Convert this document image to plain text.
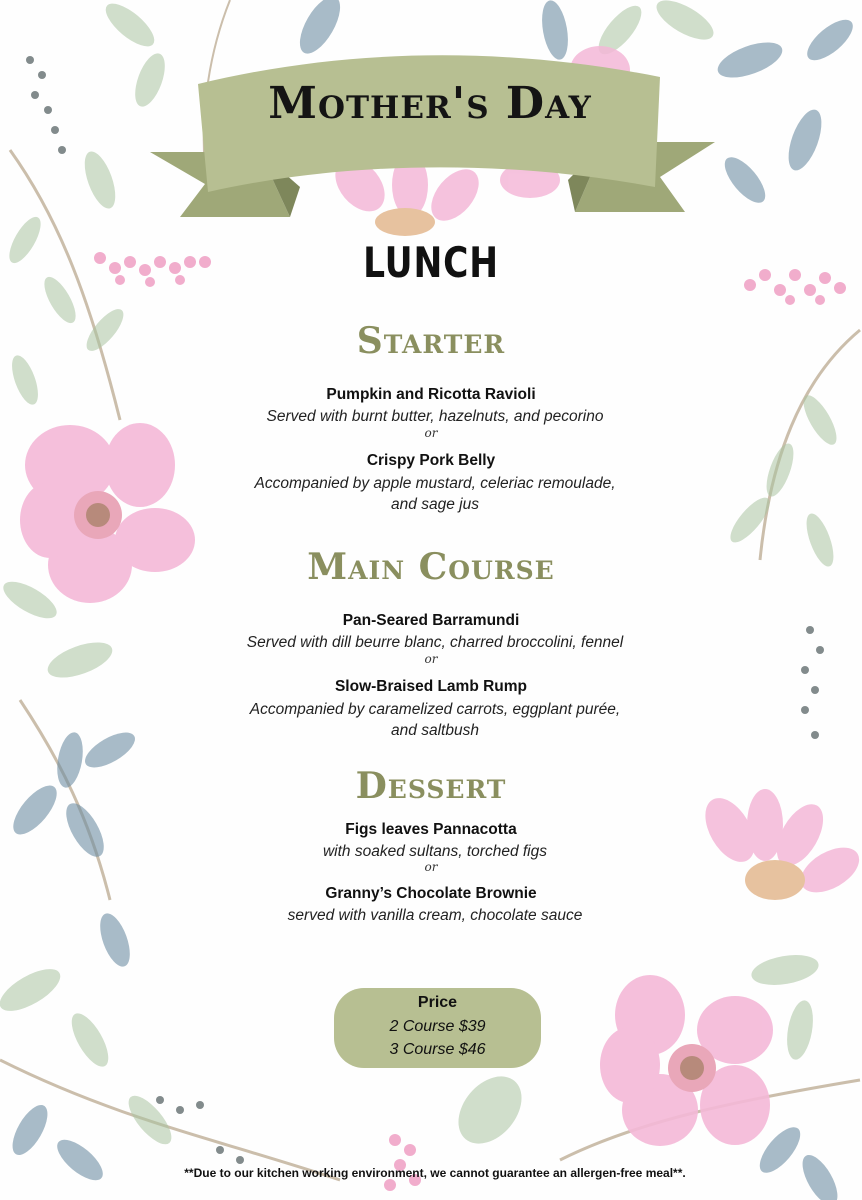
Mother's Day
LUNCH
Starter
Pumpkin and Ricotta Ravioli
Served with burnt butter, hazelnuts, and pecorino
or
Crispy Pork Belly
Accompanied by apple mustard, celeriac remoulade,
and sage jus
Main Course
Pan-Seared Barramundi
Served with dill beurre blanc, charred broccolini, fennel
or
Slow-Braised Lamb Rump
Accompanied by caramelized carrots, eggplant purée,
and saltbush
Dessert
Figs leaves Pannacotta
with soaked sultans, torched figs
or
Granny’s Chocolate Brownie
served with vanilla cream, chocolate sauce
Price
2 Course $39
3 Course $46
**Due to our kitchen working environment, we cannot guarantee an allergen-free meal**.
